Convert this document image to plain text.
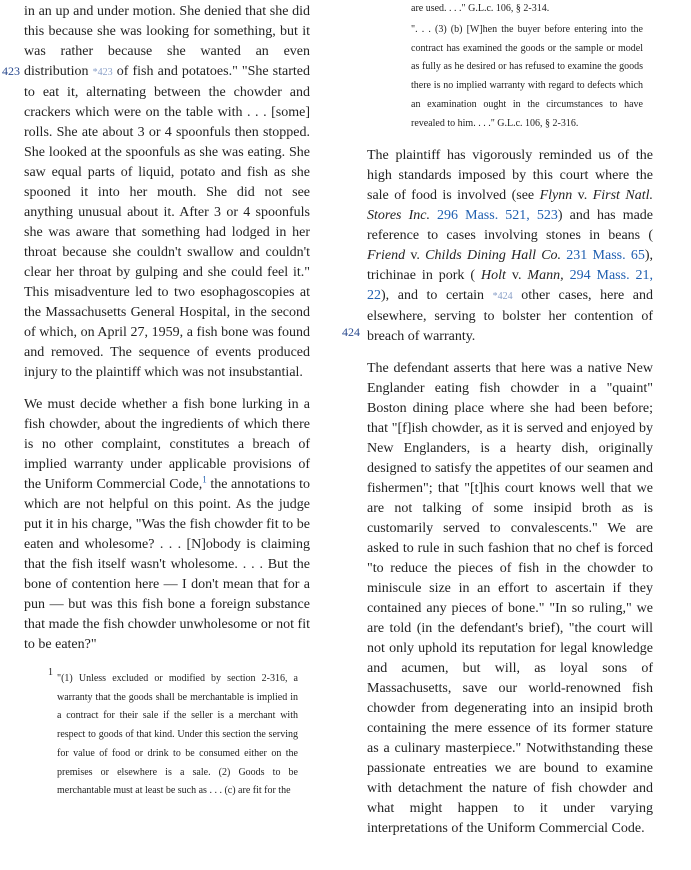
423
424

in an up and under motion. She denied that she did this because she was looking for something, but it was rather because she wanted an even distribution *423 of fish and potatoes." "She started to eat it, alternating between the chowder and crackers which were on the table with . . . [some] rolls. She ate about 3 or 4 spoonfuls then stopped. She looked at the spoonfuls as she was eating. She saw equal parts of liquid, potato and fish as she spooned it into her mouth. She did not see anything unusual about it. After 3 or 4 spoonfuls she was aware that something had lodged in her throat because she couldn't swallow and couldn't clear her throat by gulping and she could feel it." This misadventure led to two esophagoscopies at the Massachusetts General Hospital, in the second of which, on April 27, 1959, a fish bone was found and removed. The sequence of events produced injury to the plaintiff which was not insubstantial.

We must decide whether a fish bone lurking in a fish chowder, about the ingredients of which there is no other complaint, constitutes a breach of implied warranty under applicable provisions of the Uniform Commercial Code,$^1$ the annotations to which are not helpful on this point. As the judge put it in his charge, "Was the fish chowder fit to be eaten and wholesome? . . . [N]obody is claiming that the fish itself wasn't wholesome. . . . But the bone of contention here — I don't mean that for a pun — but was this fish bone a foreign substance that made the fish chowder unwholesome or not fit to be eaten?"

1
"(1) Unless excluded or modified by section 2-316, a warranty that the goods shall be merchantable is implied in a contract for their sale if the seller is a merchant with respect to goods of that kind. Under this section the serving for value of food or drink to be consumed either on the premises or elsewhere is a sale. (2) Goods to be merchantable must at least be such as . . . (c) are fit for the

are used. . . ." G.L.c. 106, § 2-314.

". . . (3) (b) [W]hen the buyer before entering into the contract has examined the goods or the sample or model as fully as he desired or has refused to examine the goods there is no implied warranty with regard to defects which an examination ought in the circumstances to have revealed to him. . . ." G.L.c. 106, § 2-316.

The plaintiff has vigorously reminded us of the high standards imposed by this court where the sale of food is involved (see Flynn v. First Natl. Stores Inc. 296 Mass. 521, 523) and has made reference to cases involving stones in beans ( Friend v. Childs Dining Hall Co. 231 Mass. 65), trichinae in pork ( Holt v. Mann, 294 Mass. 21, 22), and to certain *424 other cases, here and elsewhere, serving to bolster her contention of breach of warranty.

The defendant asserts that here was a native New Englander eating fish chowder in a "quaint" Boston dining place where she had been before; that "[f]ish chowder, as it is served and enjoyed by New Englanders, is a hearty dish, originally designed to satisfy the appetites of our seamen and fishermen"; that "[t]his court knows well that we are not talking of some insipid broth as is customarily served to convalescents." We are asked to rule in such fashion that no chef is forced "to reduce the pieces of fish in the chowder to miniscule size in an effort to ascertain if they contained any pieces of bone." "In so ruling," we are told (in the defendant's brief), "the court will not only uphold its reputation for legal knowledge and acumen, but will, as loyal sons of Massachusetts, save our world-renowned fish chowder from degenerating into an insipid broth containing the mere essence of its former stature as a culinary masterpiece." Notwithstanding these passionate entreaties we are bound to examine with detachment the nature of fish chowder and what might happen to it under varying interpretations of the Uniform Commercial Code.
